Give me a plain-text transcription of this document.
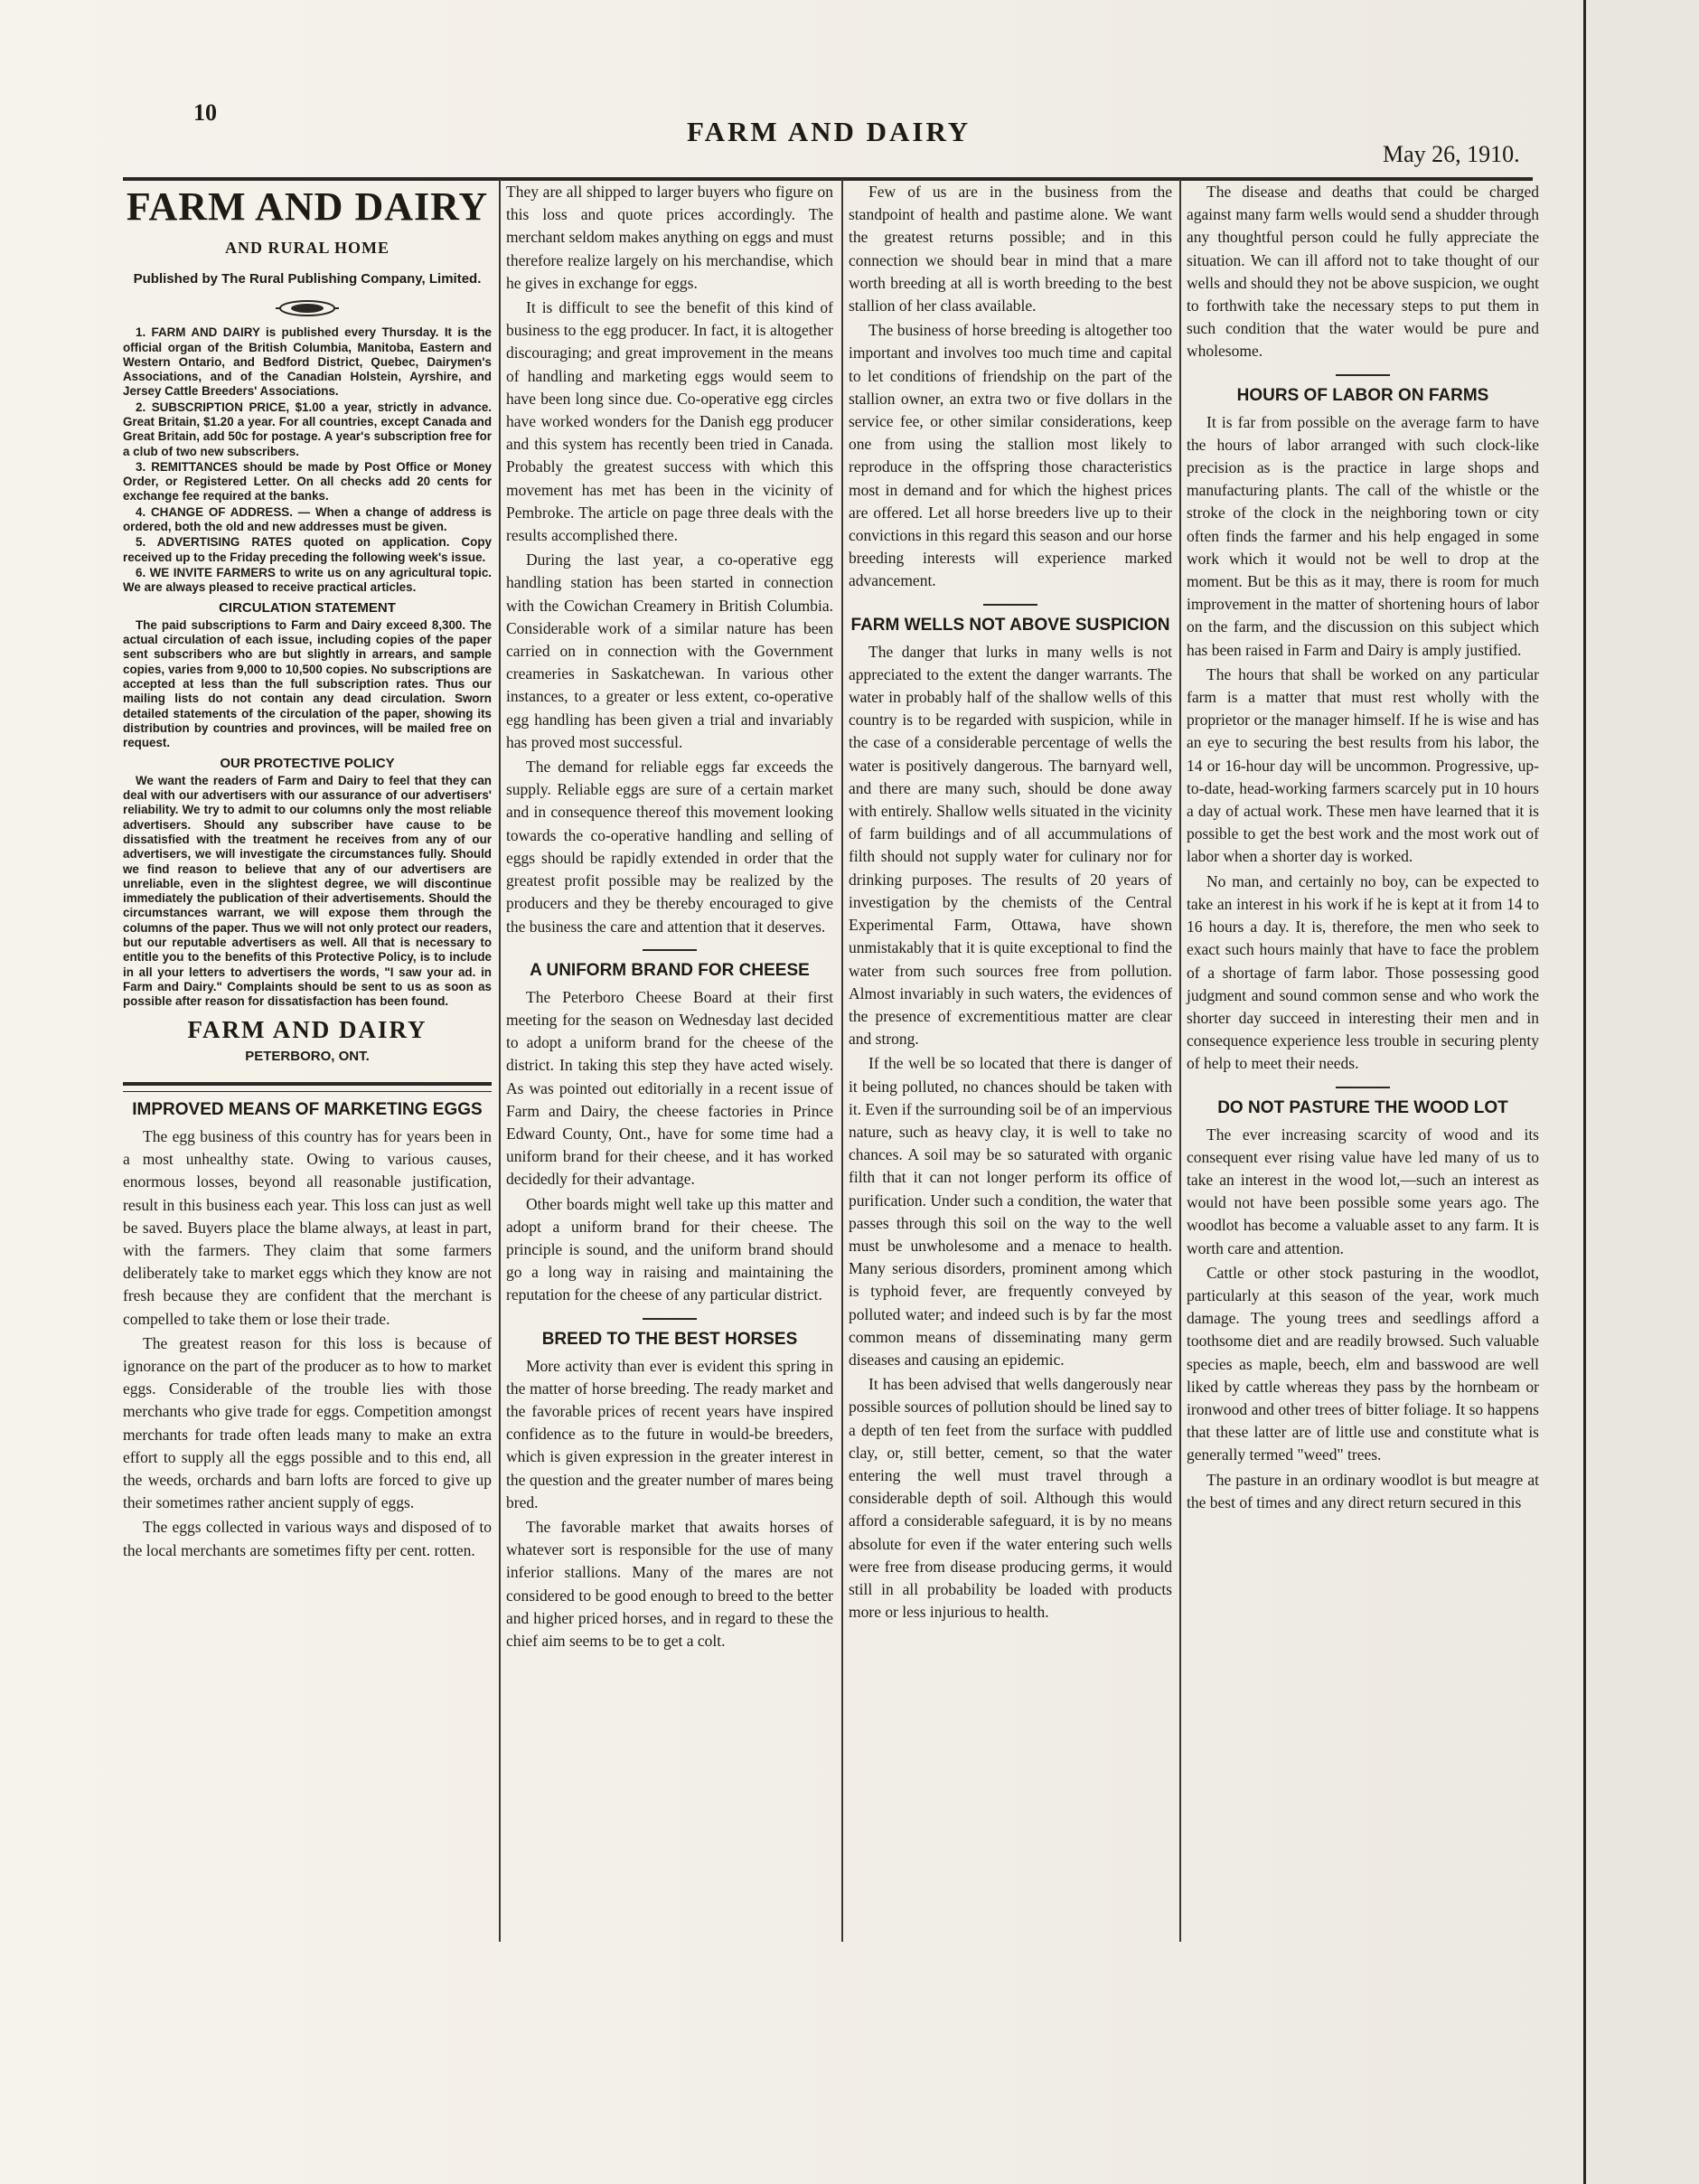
10
FARM AND DAIRY
May 26, 1910.
FARM AND DAIRY
AND RURAL HOME
Published by The Rural Publishing Company, Limited.

1. FARM AND DAIRY is published every Thursday. It is the official organ of the British Columbia, Manitoba, Eastern and Western Ontario, and Bedford District, Quebec, Dairymen's Associations, and of the Canadian Holstein, Ayrshire, and Jersey Cattle Breeders' Associations.

2. SUBSCRIPTION PRICE, $1.00 a year, strictly in advance. Great Britain, $1.20 a year. For all countries, except Canada and Great Britain, add 50c for postage. A year's subscription free for a club of two new subscribers.

3. REMITTANCES should be made by Post Office or Money Order, or Registered Letter. On all checks add 20 cents for exchange fee required at the banks.

4. CHANGE OF ADDRESS. — When a change of address is ordered, both the old and new addresses must be given.

5. ADVERTISING RATES quoted on application. Copy received up to the Friday preceding the following week's issue.

6. WE INVITE FARMERS to write us on any agricultural topic. We are always pleased to receive practical articles.

CIRCULATION STATEMENT

The paid subscriptions to Farm and Dairy exceed 8,300. The actual circulation of each issue, including copies of the paper sent subscribers who are but slightly in arrears, and sample copies, varies from 9,000 to 10,500 copies. No subscriptions are accepted at less than the full subscription rates. Thus our mailing lists do not contain any dead circulation. Sworn detailed statements of the circulation of the paper, showing its distribution by countries and provinces, will be mailed free on request.

OUR PROTECTIVE POLICY

We want the readers of Farm and Dairy to feel that they can deal with our advertisers with our assurance of our advertisers' reliability. We try to admit to our columns only the most reliable advertisers. Should any subscriber have cause to be dissatisfied with the treatment he receives from any of our advertisers, we will investigate the circumstances fully. Should we find reason to believe that any of our advertisers are unreliable, even in the slightest degree, we will discontinue immediately the publication of their advertisements. Should the circumstances warrant, we will expose them through the columns of the paper. Thus we will not only protect our readers, but our reputable advertisers as well. All that is necessary to entitle you to the benefits of this Protective Policy, is to include in all your letters to advertisers the words, "I saw your ad. in Farm and Dairy." Complaints should be sent to us as soon as possible after reason for dissatisfaction has been found.

FARM AND DAIRY
PETERBORO, ONT.
IMPROVED MEANS OF MARKETING EGGS

The egg business of this country has for years been in a most unhealthy state. Owing to various causes, enormous losses, beyond all reasonable justification, result in this business each year. This loss can just as well be saved. Buyers place the blame always, at least in part, with the farmers. They claim that some farmers deliberately take to market eggs which they know are not fresh because they are confident that the merchant is compelled to take them or lose their trade.

The greatest reason for this loss is because of ignorance on the part of the producer as to how to market eggs. Considerable of the trouble lies with those merchants who give trade for eggs. Competition amongst merchants for trade often leads many to make an extra effort to supply all the eggs possible and to this end, all the weeds, orchards and barn lofts are forced to give up their sometimes rather ancient supply of eggs.

The eggs collected in various ways and disposed of to the local merchants are sometimes fifty per cent. rotten.

They are all shipped to larger buyers who figure on this loss and quote prices accordingly. The merchant seldom makes anything on eggs and must therefore realize largely on his merchandise, which he gives in exchange for eggs.

It is difficult to see the benefit of this kind of business to the egg producer. In fact, it is altogether discouraging; and great improvement in the means of handling and marketing eggs would seem to have been long since due. Co-operative egg circles have worked wonders for the Danish egg producer and this system has recently been tried in Canada. Probably the greatest success with which this movement has met has been in the vicinity of Pembroke. The article on page three deals with the results accomplished there.

During the last year, a co-operative egg handling station has been started in connection with the Cowichan Creamery in British Columbia. Considerable work of a similar nature has been carried on in connection with the Government creameries in Saskatchewan. In various other instances, to a greater or less extent, co-operative egg handling has been given a trial and invariably has proved most successful.

The demand for reliable eggs far exceeds the supply. Reliable eggs are sure of a certain market and in consequence thereof this movement looking towards the co-operative handling and selling of eggs should be rapidly extended in order that the greatest profit possible may be realized by the producers and they be thereby encouraged to give the business the care and attention that it deserves.

A UNIFORM BRAND FOR CHEESE

The Peterboro Cheese Board at their first meeting for the season on Wednesday last decided to adopt a uniform brand for the cheese of the district. In taking this step they have acted wisely. As was pointed out editorially in a recent issue of Farm and Dairy, the cheese factories in Prince Edward County, Ont., have for some time had a uniform brand for their cheese, and it has worked decidedly for their advantage.

Other boards might well take up this matter and adopt a uniform brand for their cheese. The principle is sound, and the uniform brand should go a long way in raising and maintaining the reputation for the cheese of any particular district.

BREED TO THE BEST HORSES

More activity than ever is evident this spring in the matter of horse breeding. The ready market and the favorable prices of recent years have inspired confidence as to the future in would-be breeders, which is given expression in the greater interest in the question and the greater number of mares being bred.

The favorable market that awaits horses of whatever sort is responsible for the use of many inferior stallions. Many of the mares are not considered to be good enough to breed to the better and higher priced horses, and in regard to these the chief aim seems to be to get a colt.

Few of us are in the business from the standpoint of health and pastime alone. We want the greatest returns possible; and in this connection we should bear in mind that a mare worth breeding at all is worth breeding to the best stallion of her class available.

The business of horse breeding is altogether too important and involves too much time and capital to let conditions of friendship on the part of the stallion owner, an extra two or five dollars in the service fee, or other similar considerations, keep one from using the stallion most likely to reproduce in the offspring those characteristics most in demand and for which the highest prices are offered. Let all horse breeders live up to their convictions in this regard this season and our horse breeding interests will experience marked advancement.

FARM WELLS NOT ABOVE SUSPICION

The danger that lurks in many wells is not appreciated to the extent the danger warrants. The water in probably half of the shallow wells of this country is to be regarded with suspicion, while in the case of a considerable percentage of wells the water is positively dangerous. The barnyard well, and there are many such, should be done away with entirely. Shallow wells situated in the vicinity of farm buildings and of all accummulations of filth should not supply water for culinary nor for drinking purposes. The results of 20 years of investigation by the chemists of the Central Experimental Farm, Ottawa, have shown unmistakably that it is quite exceptional to find the water from such sources free from pollution. Almost invariably in such waters, the evidences of the presence of excrementitious matter are clear and strong.

If the well be so located that there is danger of it being polluted, no chances should be taken with it. Even if the surrounding soil be of an impervious nature, such as heavy clay, it is well to take no chances. A soil may be so saturated with organic filth that it can not longer perform its office of purification. Under such a condition, the water that passes through this soil on the way to the well must be unwholesome and a menace to health. Many serious disorders, prominent among which is typhoid fever, are frequently conveyed by polluted water; and indeed such is by far the most common means of disseminating many germ diseases and causing an epidemic.

It has been advised that wells dangerously near possible sources of pollution should be lined say to a depth of ten feet from the surface with puddled clay, or, still better, cement, so that the water entering the well must travel through a considerable depth of soil. Although this would afford a considerable safeguard, it is by no means absolute for even if the water entering such wells were free from disease producing germs, it would still in all probability be loaded with products more or less injurious to health.

The disease and deaths that could be charged against many farm wells would send a shudder through any thoughtful person could he fully appreciate the situation. We can ill afford not to take thought of our wells and should they not be above suspicion, we ought to forthwith take the necessary steps to put them in such condition that the water would be pure and wholesome.

HOURS OF LABOR ON FARMS

It is far from possible on the average farm to have the hours of labor arranged with such clock-like precision as is the practice in large shops and manufacturing plants. The call of the whistle or the stroke of the clock in the neighboring town or city often finds the farmer and his help engaged in some work which it would not be well to drop at the moment. But be this as it may, there is room for much improvement in the matter of shortening hours of labor on the farm, and the discussion on this subject which has been raised in Farm and Dairy is amply justified.

The hours that shall be worked on any particular farm is a matter that must rest wholly with the proprietor or the manager himself. If he is wise and has an eye to securing the best results from his labor, the 14 or 16-hour day will be uncommon. Progressive, up-to-date, head-working farmers scarcely put in 10 hours a day of actual work. These men have learned that it is possible to get the best work and the most work out of labor when a shorter day is worked.

No man, and certainly no boy, can be expected to take an interest in his work if he is kept at it from 14 to 16 hours a day. It is, therefore, the men who seek to exact such hours mainly that have to face the problem of a shortage of farm labor. Those possessing good judgment and sound common sense and who work the shorter day succeed in interesting their men and in consequence experience less trouble in securing plenty of help to meet their needs.

DO NOT PASTURE THE WOOD LOT

The ever increasing scarcity of wood and its consequent ever rising value have led many of us to take an interest in the wood lot,—such an interest as would not have been possible some years ago. The woodlot has become a valuable asset to any farm. It is worth care and attention.

Cattle or other stock pasturing in the woodlot, particularly at this season of the year, work much damage. The young trees and seedlings afford a toothsome diet and are readily browsed. Such valuable species as maple, beech, elm and basswood are well liked by cattle whereas they pass by the hornbeam or ironwood and other trees of bitter foliage. It so happens that these latter are of little use and constitute what is generally termed "weed" trees.

The pasture in an ordinary woodlot is but meagre at the best of times and any direct return secured in this
